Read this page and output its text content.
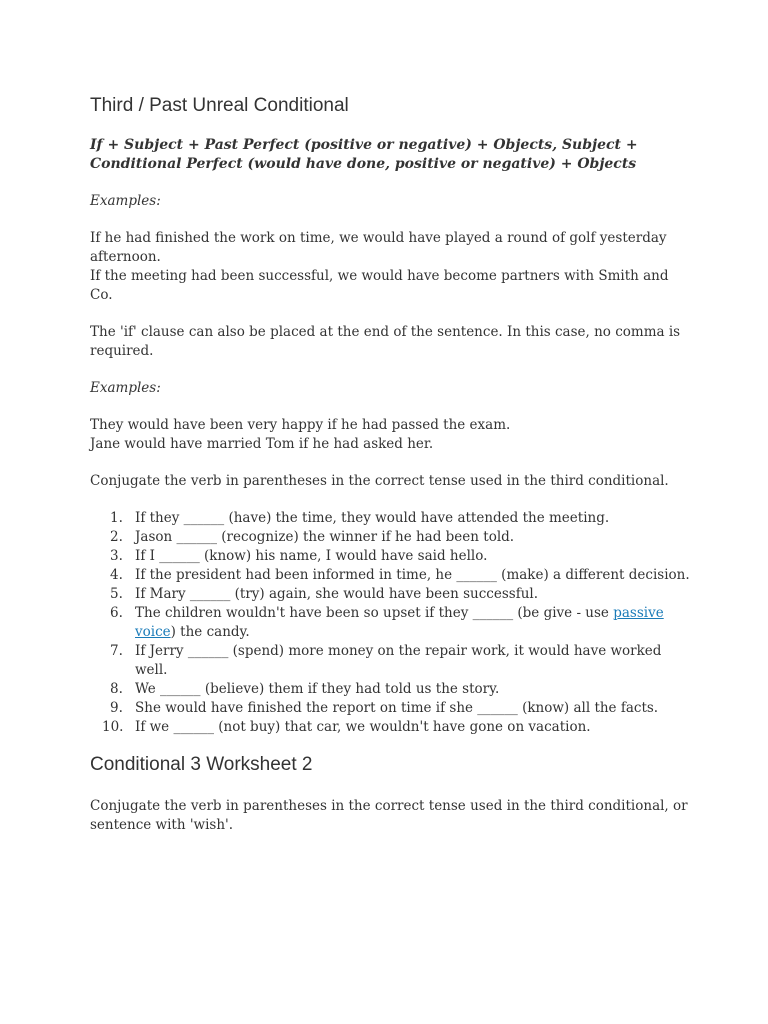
Third / Past Unreal Conditional

If + Subject + Past Perfect (positive or negative) + Objects, Subject + Conditional Perfect (would have done, positive or negative) + Objects

Examples:

If he had finished the work on time, we would have played a round of golf yesterday afternoon.

If the meeting had been successful, we would have become partners with Smith and Co.

The 'if' clause can also be placed at the end of the sentence. In this case, no comma is required.

Examples:

They would have been very happy if he had passed the exam.

Jane would have married Tom if he had asked her.

Conjugate the verb in parentheses in the correct tense used in the third conditional.

1. If they ______ (have) the time, they would have attended the meeting.
2. Jason ______ (recognize) the winner if he had been told.
3. If I ______ (know) his name, I would have said hello.
4. If the president had been informed in time, he ______ (make) a different decision.
5. If Mary ______ (try) again, she would have been successful.
6. The children wouldn't have been so upset if they ______ (be give - use passive voice) the candy.
7. If Jerry ______ (spend) more money on the repair work, it would have worked well.
8. We ______ (believe) them if they had told us the story.
9. She would have finished the report on time if she ______ (know) all the facts.
10. If we ______ (not buy) that car, we wouldn't have gone on vacation.
Conditional 3 Worksheet 2

Conjugate the verb in parentheses in the correct tense used in the third conditional, or sentence with 'wish'.
